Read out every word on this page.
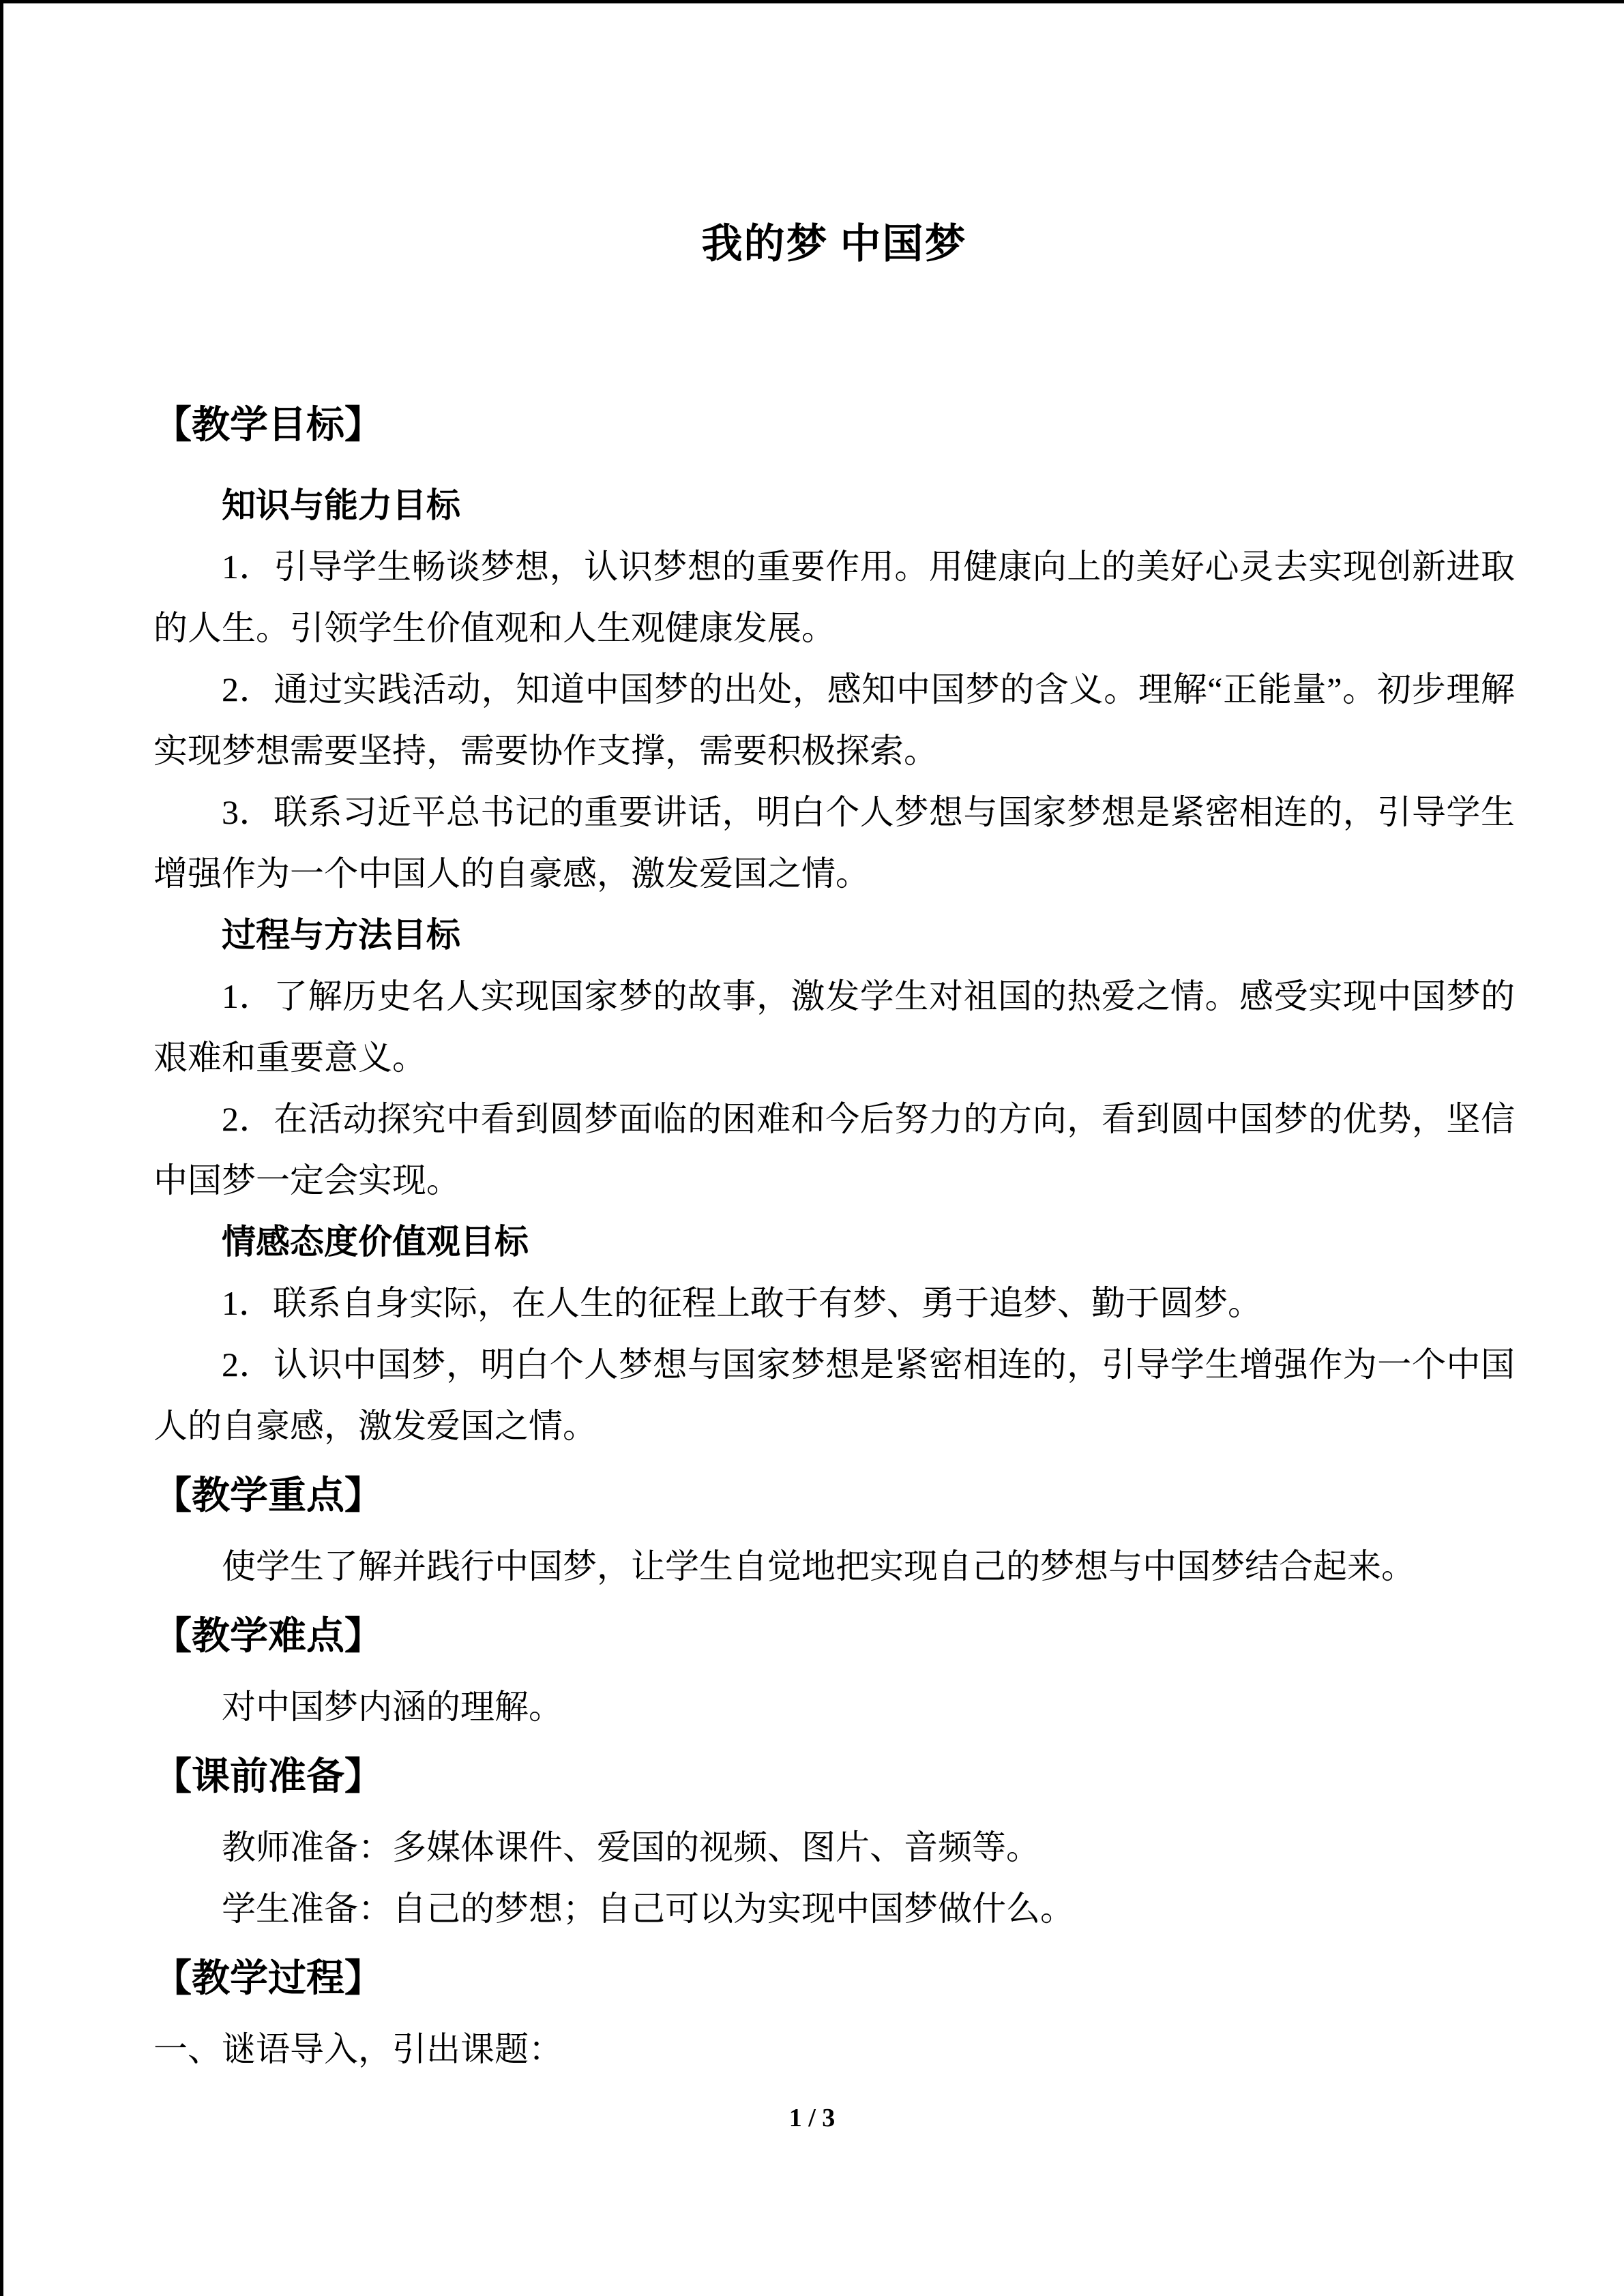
我的梦 中国梦
【教学目标】
知识与能力目标

1．引导学生畅谈梦想，认识梦想的重要作用。用健康向上的美好心灵去实现创新进取的人生。引领学生价值观和人生观健康发展。

2．通过实践活动，知道中国梦的出处，感知中国梦的含义。理解“正能量”。初步理解实现梦想需要坚持，需要协作支撑，需要积极探索。

3．联系习近平总书记的重要讲话，明白个人梦想与国家梦想是紧密相连的，引导学生增强作为一个中国人的自豪感，激发爱国之情。

过程与方法目标

1．了解历史名人实现国家梦的故事，激发学生对祖国的热爱之情。感受实现中国梦的艰难和重要意义。

2．在活动探究中看到圆梦面临的困难和今后努力的方向，看到圆中国梦的优势，坚信中国梦一定会实现。

情感态度价值观目标

1．联系自身实际，在人生的征程上敢于有梦、勇于追梦、勤于圆梦。

2．认识中国梦，明白个人梦想与国家梦想是紧密相连的，引导学生增强作为一个中国人的自豪感，激发爱国之情。

【教学重点】

使学生了解并践行中国梦，让学生自觉地把实现自己的梦想与中国梦结合起来。

【教学难点】

对中国梦内涵的理解。

【课前准备】

教师准备：多媒体课件、爱国的视频、图片、音频等。

学生准备：自己的梦想；自己可以为实现中国梦做什么。

【教学过程】

一、谜语导入，引出课题：

1 / 3
